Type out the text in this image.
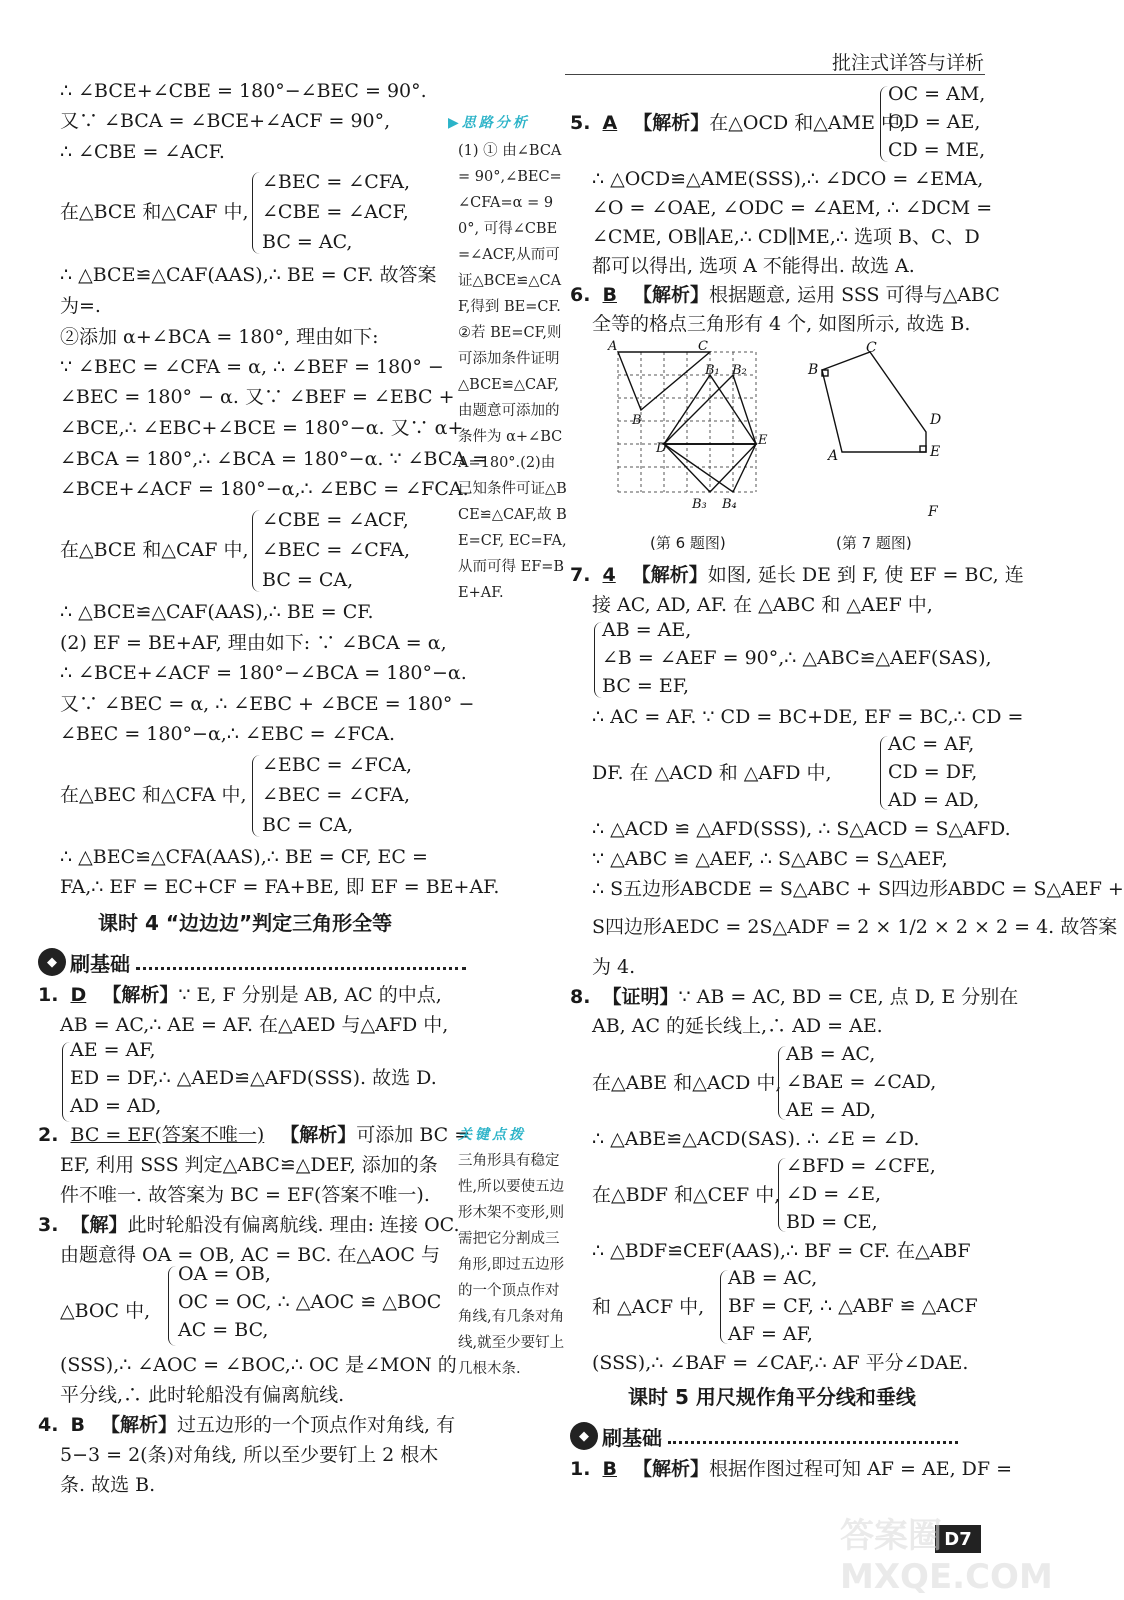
批注式详答与详析
∴ ∠BCE+∠CBE = 180°−∠BEC = 90°.
又∵ ∠BCA = ∠BCE+∠ACF = 90°,
∴ ∠CBE = ∠ACF.
在△BCE 和△CAF 中,
∠BEC = ∠CFA,
∠CBE = ∠ACF,
BC = AC,
∴ △BCE≌△CAF(AAS),∴ BE = CF. 故答案
为=.
②添加 α+∠BCA = 180°, 理由如下:
∵ ∠BEC = ∠CFA = α, ∴ ∠BEF = 180° −
∠BEC = 180° − α. 又∵ ∠BEF = ∠EBC +
∠BCE,∴ ∠EBC+∠BCE = 180°−α. 又∵ α+
∠BCA = 180°,∴ ∠BCA = 180°−α. ∵ ∠BCA =
∠BCE+∠ACF = 180°−α,∴ ∠EBC = ∠FCA.
在△BCE 和△CAF 中,
∠CBE = ∠ACF,
∠BEC = ∠CFA,
BC = CA,
∴ △BCE≌△CAF(AAS),∴ BE = CF.
(2) EF = BE+AF, 理由如下: ∵ ∠BCA = α,
∴ ∠BCE+∠ACF = 180°−∠BCA = 180°−α.
又∵ ∠BEC = α, ∴ ∠EBC + ∠BCE = 180° −
∠BEC = 180°−α,∴ ∠EBC = ∠FCA.
在△BEC 和△CFA 中,
∠EBC = ∠FCA,
∠BEC = ∠CFA,
BC = CA,
∴ △BEC≌△CFA(AAS),∴ BE = CF, EC =
FA,∴ EF = EC+CF = FA+BE, 即 EF = BE+AF.
课时 4 “边边边”判定三角形全等
◆ 刷基础
1. D 【解析】∵ E, F 分别是 AB, AC 的中点,
AB = AC,∴ AE = AF. 在△AED 与△AFD 中,
AE = AF,
ED = DF,∴ △AED≌△AFD(SSS). 故选 D.
AD = AD,
2. BC = EF(答案不唯一) 【解析】可添加 BC =
EF, 利用 SSS 判定△ABC≌△DEF, 添加的条
件不唯一. 故答案为 BC = EF(答案不唯一).
3. 【解】此时轮船没有偏离航线. 理由: 连接 OC.
由题意得 OA = OB, AC = BC. 在△AOC 与
△BOC 中,
OA = OB,
OC = OC, ∴ △AOC ≌ △BOC
AC = BC,
(SSS),∴ ∠AOC = ∠BOC,∴ OC 是∠MON 的
平分线,∴ 此时轮船没有偏离航线.
4. B 【解析】过五边形的一个顶点作对角线, 有
5−3 = 2(条)对角线, 所以至少要钉上 2 根木
条. 故选 B.
▶思路分析
(1) ① 由∠BCA = 90°,∠BEC=∠CFA=α = 90°, 可得∠CBE=∠ACF,从而可证△BCE≌△CAF,得到 BE=CF.②若 BE=CF,则可添加条件证明△BCE≌△CAF,由题意可添加的条件为 α+∠BCA=180°.(2)由已知条件可证△BCE≌△CAF,故 BE=CF, EC=FA,从而可得 EF=BE+AF.
关键点拨
三角形具有稳定性,所以要使五边形木架不变形,则需把它分割成三角形,即过五边形的一个顶点作对角线,有几条对角线,就至少要钉上几根木条.
5. A 【解析】在△OCD 和△AME 中,
OC = AM,
OD = AE,
CD = ME,
∴ △OCD≌△AME(SSS),∴ ∠DCO = ∠EMA,
∠O = ∠OAE, ∠ODC = ∠AEM, ∴ ∠DCM =
∠CME, OB∥AE,∴ CD∥ME,∴ 选项 B、C、D
都可以得出, 选项 A 不能得出. 故选 A.
6. B 【解析】根据题意, 运用 SSS 可得与△ABC
全等的格点三角形有 4 个, 如图所示, 故选 B.
A	C
B₁ B₂
B
D
E
B₃ B₄
(第 6 题图)
B
C
D
A	E
F
(第 7 题图)
7. 4 【解析】如图, 延长 DE 到 F, 使 EF = BC, 连
接 AC, AD, AF. 在 △ABC 和 △AEF 中,
AB = AE,
∠B = ∠AEF = 90°,∴ △ABC≌△AEF(SAS),
BC = EF,
∴ AC = AF. ∵ CD = BC+DE, EF = BC,∴ CD =
DF. 在 △ACD 和 △AFD 中,
AC = AF,
CD = DF,
AD = AD,
∴ △ACD ≌ △AFD(SSS), ∴ S△ACD = S△AFD.
∵ △ABC ≌ △AEF, ∴ S△ABC = S△AEF,
∴ S五边形ABCDE = S△ABC + S四边形ABDC = S△AEF +
S四边形AEDC = 2S△ADF = 2 × 1/2 × 2 × 2 = 4. 故答案
为 4.
8. 【证明】∵ AB = AC, BD = CE, 点 D, E 分别在
AB, AC 的延长线上,∴ AD = AE.
在△ABE 和△ACD 中,
AB = AC,
∠BAE = ∠CAD,
AE = AD,
∴ △ABE≌△ACD(SAS). ∴ ∠E = ∠D.
在△BDF 和△CEF 中,
∠BFD = ∠CFE,
∠D = ∠E,
BD = CE,
∴ △BDF≌CEF(AAS),∴ BF = CF. 在△ABF
和 △ACF 中,
AB = AC,
BF = CF, ∴ △ABF ≌ △ACF
AF = AF,
(SSS),∴ ∠BAF = ∠CAF,∴ AF 平分∠DAE.
课时 5 用尺规作角平分线和垂线
◆ 刷基础
1. B 【解析】根据作图过程可知 AF = AE, DF =
D7
答案圈 MXQE.COM
